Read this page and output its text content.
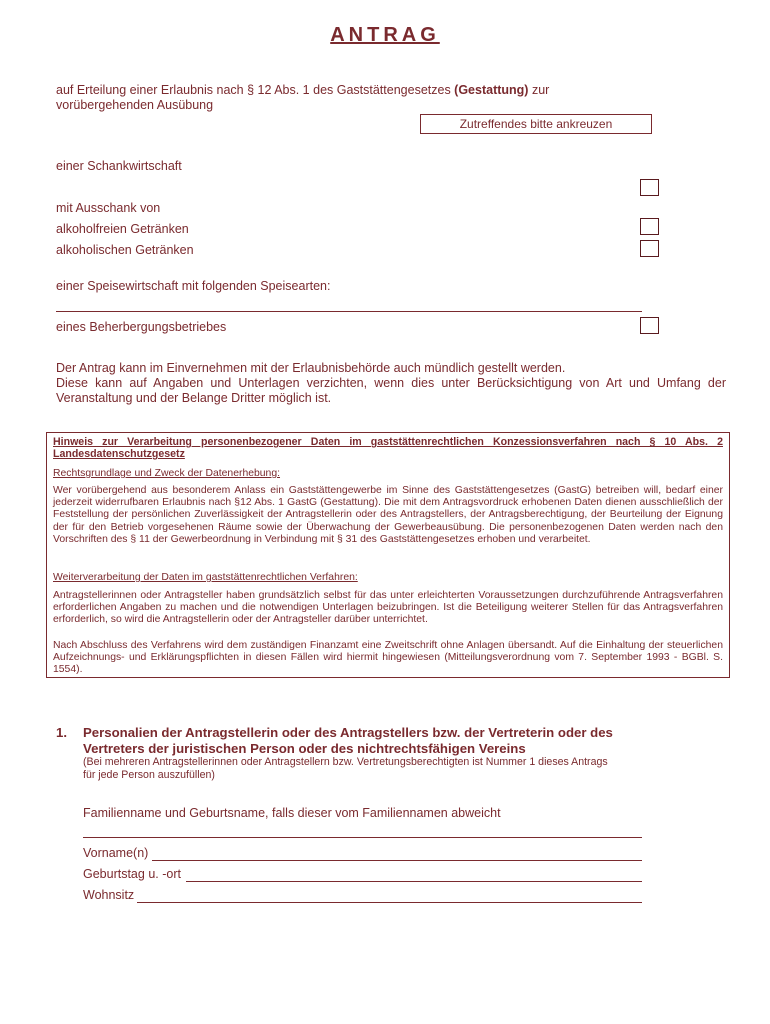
ANTRAG
auf Erteilung einer Erlaubnis nach § 12 Abs. 1 des Gaststättengesetzes (Gestattung) zur
vorübergehenden Ausübung
Zutreffendes bitte ankreuzen
einer Schankwirtschaft
mit Ausschank von
alkoholfreien Getränken
alkoholischen Getränken
einer Speisewirtschaft mit folgenden Speisearten:
eines Beherbergungsbetriebes
Der Antrag kann im Einvernehmen mit der Erlaubnisbehörde auch mündlich gestellt werden.
Diese kann auf Angaben und Unterlagen verzichten, wenn dies unter Berücksichtigung von Art und Umfang der Veranstaltung und der Belange Dritter möglich ist.
Hinweis zur Verarbeitung personenbezogener Daten im gaststättenrechtlichen Konzessionsverfahren nach § 10 Abs. 2 Landesdatenschutzgesetz
Rechtsgrundlage und Zweck der Datenerhebung:
Wer vorübergehend aus besonderem Anlass ein Gaststättengewerbe im Sinne des Gaststättengesetzes (GastG) betreiben will, bedarf einer jederzeit widerrufbaren Erlaubnis nach §12 Abs. 1 GastG (Gestattung). Die mit dem Antragsvordruck erhobenen Daten dienen ausschließlich der Feststellung der persönlichen Zuverlässigkeit der Antragstellerin oder des Antragstellers, der Antragsberechtigung, der Beurteilung der Eignung der für den Betrieb vorgesehenen Räume sowie der Überwachung der Gewerbeausübung. Die personenbezogenen Daten werden nach den Vorschriften des § 11 der Gewerbeordnung in Verbindung mit § 31 des Gaststättengesetzes erhoben und verarbeitet.
Weiterverarbeitung der Daten im gaststättenrechtlichen Verfahren:
Antragstellerinnen oder Antragsteller haben grundsätzlich selbst für das unter erleichterten Voraussetzungen durchzuführende Antragsverfahren erforderlichen Angaben zu machen und die notwendigen Unterlagen beizubringen. Ist die Beteiligung weiterer Stellen für das Antragsverfahren erforderlich, so wird die Antragstellerin oder der Antragsteller darüber unterrichtet.
Nach Abschluss des Verfahrens wird dem zuständigen Finanzamt eine Zweitschrift ohne Anlagen übersandt. Auf die Einhaltung der steuerlichen Aufzeichnungs- und Erklärungspflichten in diesen Fällen wird hiermit hingewiesen (Mitteilungsverordnung vom 7. September 1993 - BGBl. S. 1554).
1. Personalien der Antragstellerin oder des Antragstellers bzw. der Vertreterin oder des
Vertreters der juristischen Person oder des nichtrechtsfähigen Vereins
(Bei mehreren Antragstellerinnen oder Antragstellern bzw. Vertretungsberechtigten ist Nummer 1 dieses Antrags
für jede Person auszufüllen)
Familienname und Geburtsname, falls dieser vom Familiennamen abweicht
Vorname(n)
Geburtstag u. -ort
Wohnsitz
